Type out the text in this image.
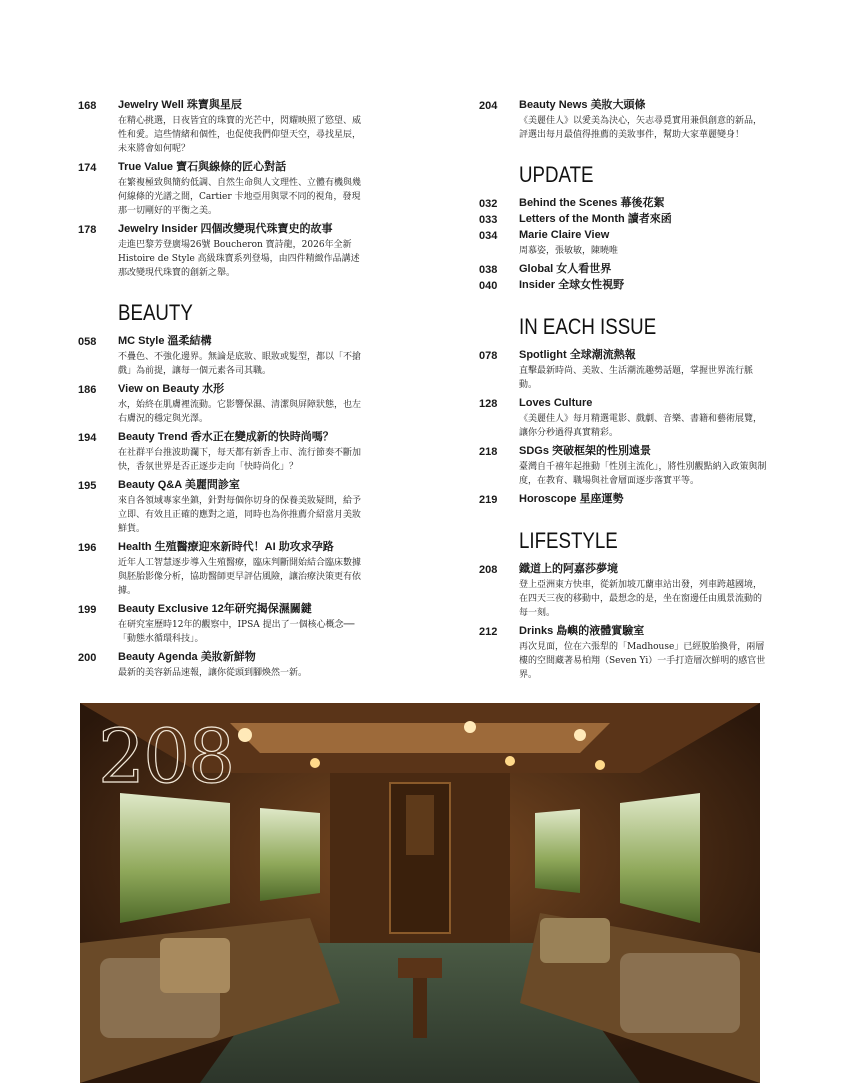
168	Jewelry Well 珠寶與星辰
在精心挑選，日夜皆宜的珠寶的光芒中，閃耀映照了慾望、威性和愛。這些情緒和個性，也促使我們仰望天空，尋找星辰，未來將會如何呢？
174	True Value 寶石與線條的匠心對話
在繁複極致與簡約低調、自然生命與人文理性、立體有機與幾何線條的光譜之間，Cartier 卡地亞用與眾不同的視角，發現那一切剛好的平衡之美。
178	Jewelry Insider 四個改變現代珠寶史的故事
走進巴黎芳登廣場26號 Boucheron 寶詩龍，2026年全新 Histoire de Style 高級珠寶系列登場，由四件精緻作品講述那改變現代珠寶的創新之舉。
BEAUTY
058	MC Style 溫柔結構
不疊色、不強化邊界。無論是底妝、眼妝或髮型，都以「不搶戲」為前提，讓每一個元素各司其職。
186	View on Beauty 水形
水，始終在肌膚裡流動。它影響保濕、清潔與屏障狀態，也左右膚況的穩定與光澤。
194	Beauty Trend 香水正在變成新的快時尚嗎？
在社群平台推波助瀾下，每天都有新香上市、流行節奏不斷加快，香氛世界是否正逐步走向「快時尚化」？
195	Beauty Q&A 美麗問診室
來自各領域專家坐鎮，針對每個你切身的保養美妝疑問，給予立即、有效且正確的應對之道，同時也為你推薦介紹當月美妝鮮貨。
196	Health 生殖醫療迎來新時代！AI 助攻求孕路
近年人工智慧逐步導入生殖醫療，臨床判斷開始結合臨床數據與胚胎影像分析，協助醫師更早評估風險，讓治療決策更有依據。
199	Beauty Exclusive 12年研究揭保濕關鍵
在研究室歷時12年的觀察中，IPSA 提出了一個核心概念──「動態水循環科技」。
200	Beauty Agenda 美妝新鮮物
最新的美容新品速報，讓你從頭到腳煥然一新。
204	Beauty News 美妝大頭條
《美麗佳人》以愛美為決心，矢志尋覓實用兼俱創意的新品，評選出每月最值得推薦的美妝事件，幫助大家華麗變身！
UPDATE
032	Behind the Scenes 幕後花絮
033	Letters of the Month 讀者來函
034	Marie Claire View
周慕姿，張敏敏，陳曉唯
038	Global 女人看世界
040	Insider 全球女性視野
IN EACH ISSUE
078	Spotlight 全球潮流熱報
直擊最新時尚、美妝、生活潮流趣勢話題，掌握世界流行脈動。
128	Loves Culture
《美麗佳人》每月精選電影、戲劇、音樂、書籍和藝術展覽，讓你分秒過得真實精彩。
218	SDGs 突破框架的性別遠景
臺灣自千禧年起推動「性別主流化」，將性別觀點納入政策與制度，在教育、職場與社會層面逐步落實平等。
219	Horoscope 星座運勢
LIFESTYLE
208	鐵道上的阿嘉莎夢境
登上亞洲東方快車，從新加坡兀蘭車站出發，列車跨越國境，在四天三夜的移動中，最想念的是，坐在窗邊任由風景流動的每一刻。
212	Drinks 島嶼的液體實驗室
再次見面，位在六張犁的「Madhouse」已經脫胎換骨，兩層樓的空間藏著易柏翔（Seven Yi）一手打造層次鮮明的感官世界。
208
